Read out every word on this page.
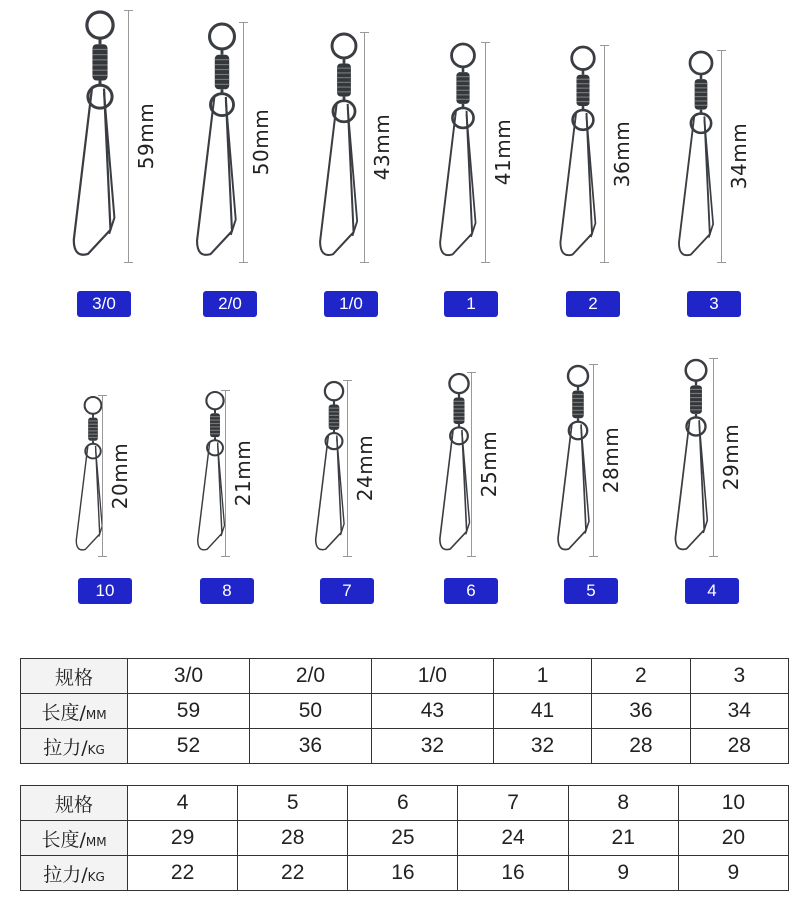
59mm
3/0
50mm
2/0
43mm
1/0
41mm
1
36mm
2
34mm
3
20mm
10
21mm
8
24mm
7
25mm
6
28mm
5
29mm
4
规格	3/0	2/0	1/0	1	2	3
长度/MM	59	50	43	41	36	34
拉力/KG	52	36	32	32	28	28
规格	4	5	6	7	8	10
长度/MM	29	28	25	24	21	20
拉力/KG	22	22	16	16	9	9
